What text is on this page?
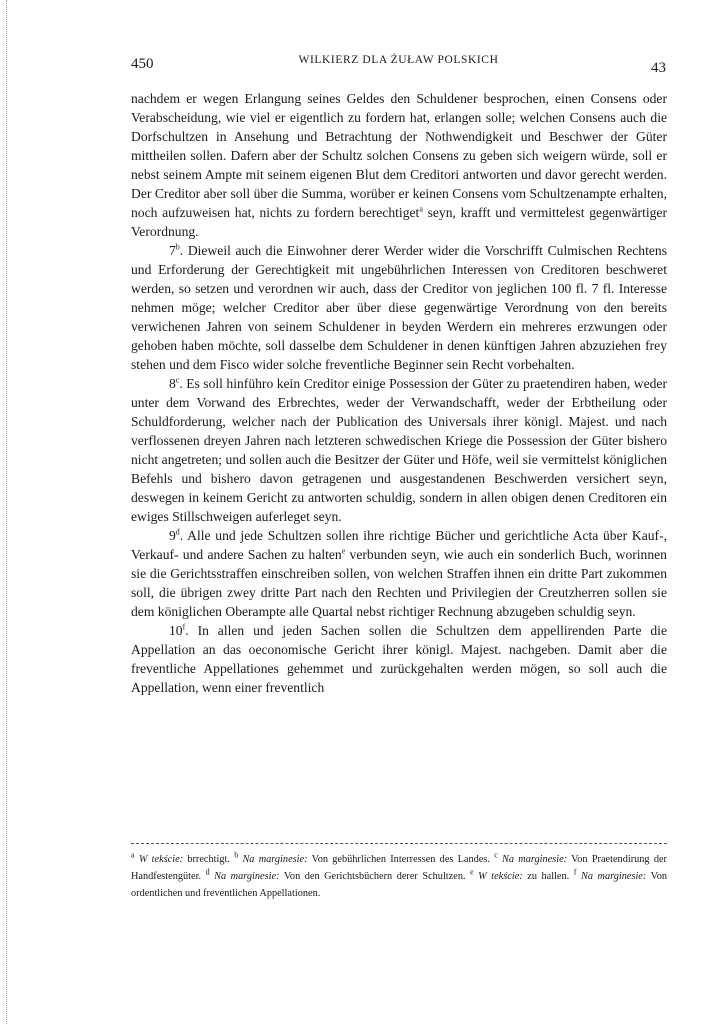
450	WILKIERZ DLA ŻUŁAW POLSKICH	43

nachdem er wegen Erlangung seines Geldes den Schuldener besprochen, einen Consens oder Verabscheidung, wie viel er eigentlich zu fordern hat, erlangen solle; welchen Consens auch die Dorfschultzen in Ansehung und Betrachtung der Nothwendigkeit und Beschwer der Güter mittheilen sollen. Dafern aber der Schultz solchen Consens zu geben sich weigern würde, soll er nebst seinem Ampte mit seinem eigenen Blut dem Creditori antworten und davor gerecht werden. Der Creditor aber soll über die Summa, worüber er keinen Consens vom Schultzenampte erhalten, noch aufzuweisen hat, nichts zu fordern berechtiget$^a$ seyn, krafft und vermittelest gegenwärtiger Verordnung.

7$^b$. Dieweil auch die Einwohner derer Werder wider die Vorschrifft Culmischen Rechtens und Erforderung der Gerechtigkeit mit ungebührlichen Interessen von Creditoren beschweret werden, so setzen und verordnen wir auch, dass der Creditor von jeglichen 100 fl. 7 fl. Interesse nehmen möge; welcher Creditor aber über diese gegenwärtige Verordnung von den bereits verwichenen Jahren von seinem Schuldener in beyden Werdern ein mehreres erzwungen oder gehoben haben möchte, soll dasselbe dem Schuldener in denen künftigen Jahren abzuziehen frey stehen und dem Fisco wider solche freventliche Beginner sein Recht vorbehalten.

8$^c$. Es soll hinführo kein Creditor einige Possession der Güter zu praetendiren haben, weder unter dem Vorwand des Erbrechtes, weder der Verwandschafft, weder der Erbtheilung oder Schuldforderung, welcher nach der Publication des Universals ihrer königl. Majest. und nach verflossenen dreyen Jahren nach letzteren schwedischen Kriege die Possession der Güter bishero nicht angetreten; und sollen auch die Besitzer der Güter und Höfe, weil sie vermittelst königlichen Befehls und bishero davon getragenen und ausgestandenen Beschwerden versichert seyn, deswegen in keinem Gericht zu antworten schuldig, sondern in allen obigen denen Creditoren ein ewiges Stillschweigen auferleget seyn.

9$^d$. Alle und jede Schultzen sollen ihre richtige Bücher und gerichtliche Acta über Kauf-, Verkauf- und andere Sachen zu halten$^e$ verbunden seyn, wie auch ein sonderlich Buch, worinnen sie die Gerichtsstraffen einschreiben sollen, von welchen Straffen ihnen ein dritte Part zukommen soll, die übrigen zwey dritte Part nach den Rechten und Privilegien der Creutzherren sollen sie dem königlichen Oberampte alle Quartal nebst richtiger Rechnung abzugeben schuldig seyn.

10$^f$. In allen und jeden Sachen sollen die Schultzen dem appellirenden Parte die Appellation an das oeconomische Gericht ihrer königl. Majest. nachgeben. Damit aber die freventliche Appellationes gehemmet und zurückgehalten werden mögen, so soll auch die Appellation, wenn einer freventlich

$^a$ W tekście: brrechtigt. $^b$ Na marginesie: Von gebührlichen Interressen des Landes. $^c$ Na marginesie: Von Praetendirung der Handfestengüter. $^d$ Na marginesie: Von den Gerichtsbüchern derer Schultzen. $^e$ W tekście: zu hallen. $^f$ Na marginesie: Von ordentlichen und freventlichen Appellationen.
